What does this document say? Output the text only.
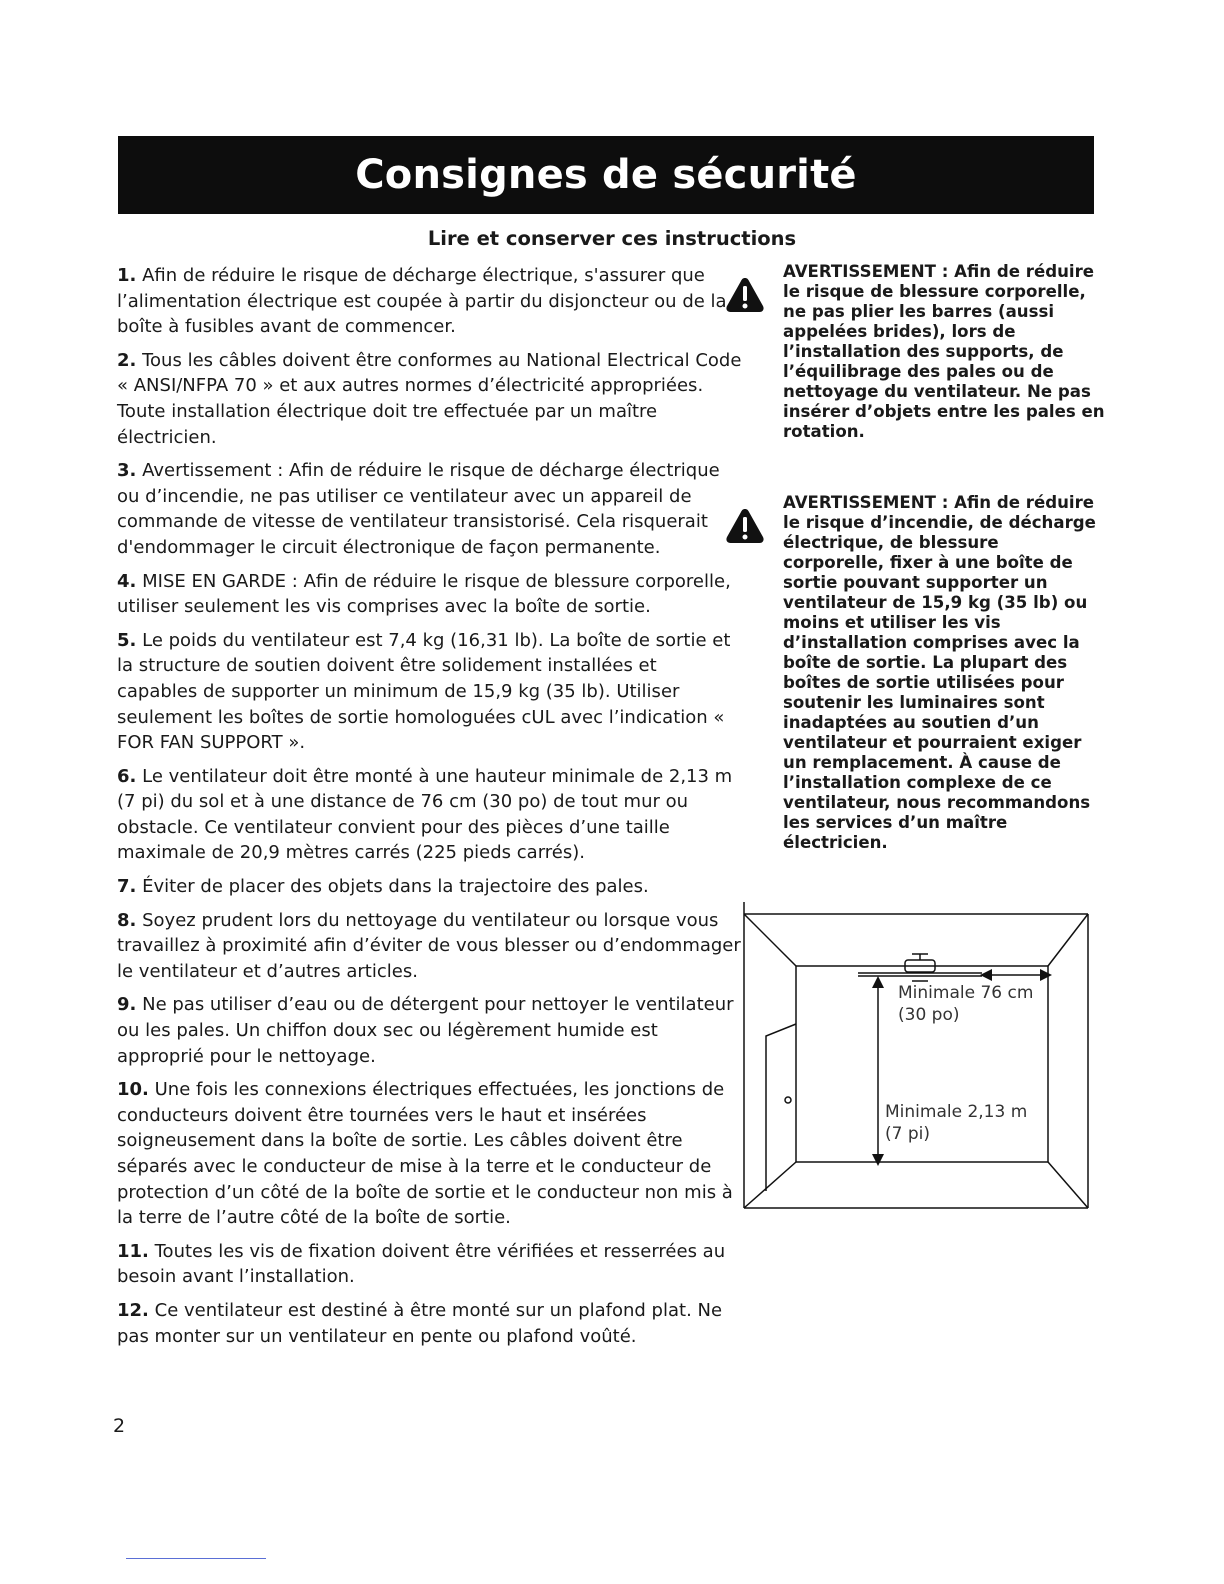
Consignes de sécurité
Lire et conserver ces instructions

1. Afin de réduire le risque de décharge électrique, s'assurer que l’alimentation électrique est coupée à partir du disjoncteur ou de la boîte à fusibles avant de commencer.

2. Tous les câbles doivent être conformes au National Electrical Code « ANSI/NFPA 70 » et aux autres normes d’électricité appropriées. Toute installation électrique doit tre effectuée par un maître électricien.

3. Avertissement : Afin de réduire le risque de décharge électrique ou d’incendie, ne pas utiliser ce ventilateur avec un appareil de commande de vitesse de ventilateur transistorisé. Cela risquerait d'endommager le circuit électronique de façon permanente.

4. MISE EN GARDE : Afin de réduire le risque de blessure corporelle, utiliser seulement les vis comprises avec la boîte de sortie.

5. Le poids du ventilateur est 7,4 kg (16,31 lb). La boîte de sortie et la structure de soutien doivent être solidement installées et capables de supporter un minimum de 15,9 kg (35 lb). Utiliser seulement les boîtes de sortie homologuées cUL avec l’indication « FOR FAN SUPPORT ».

6. Le ventilateur doit être monté à une hauteur minimale de 2,13 m (7 pi) du sol et à une distance de 76 cm (30 po) de tout mur ou obstacle. Ce ventilateur convient pour des pièces d’une taille maximale de 20,9 mètres carrés (225 pieds carrés).

7. Éviter de placer des objets dans la trajectoire des pales.

8. Soyez prudent lors du nettoyage du ventilateur ou lorsque vous travaillez à proximité afin d’éviter de vous blesser ou d’endommager le ventilateur et d’autres articles.

9. Ne pas utiliser d’eau ou de détergent pour nettoyer le ventilateur ou les pales. Un chiffon doux sec ou légèrement humide est approprié pour le nettoyage.

10. Une fois les connexions électriques effectuées, les jonctions de conducteurs doivent être tournées vers le haut et insérées soigneusement dans la boîte de sortie. Les câbles doivent être séparés avec le conducteur de mise à la terre et le conducteur de protection d’un côté de la boîte de sortie et le conducteur non mis à la terre de l’autre côté de la boîte de sortie.

11. Toutes les vis de fixation doivent être vérifiées et resserrées au besoin avant l’installation.

12. Ce ventilateur est destiné à être monté sur un plafond plat. Ne pas monter sur un ventilateur en pente ou plafond voûté.

AVERTISSEMENT : Afin de réduire le risque de blessure corporelle, ne pas plier les barres (aussi appelées brides), lors de l’installation des supports, de l’équilibrage des pales ou de nettoyage du ventilateur. Ne pas insérer d’objets entre les pales en rotation.

AVERTISSEMENT : Afin de réduire le risque d’incendie, de décharge électrique, de blessure corporelle, fixer à une boîte de sortie pouvant supporter un ventilateur de 15,9 kg (35 lb) ou moins et utiliser les vis d’installation comprises avec la boîte de sortie. La plupart des boîtes de sortie utilisées pour soutenir les luminaires sont inadaptées au soutien d’un ventilateur et pourraient exiger un remplacement. À cause de l’installation complexe de ce ventilateur, nous recommandons les services d’un maître électricien.

Minimale 76 cm
(30 po)
Minimale 2,13 m
(7 pi)
2
